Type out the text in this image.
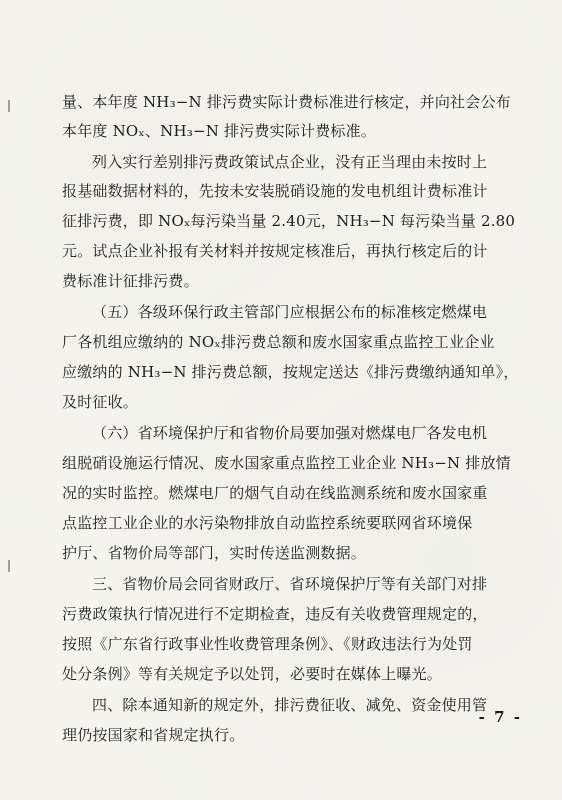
量、本年度 NH₃−N 排污费实际计费标准进行核定，并向社会公布
本年度 NOₓ、NH₃−N 排污费实际计费标准。
列入实行差别排污费政策试点企业，没有正当理由未按时上
报基础数据材料的，先按未安装脱硝设施的发电机组计费标准计
征排污费，即 NOₓ每污染当量 2.40元，NH₃−N 每污染当量 2.80
元。试点企业补报有关材料并按规定核准后，再执行核定后的计
费标准计征排污费。
（五）各级环保行政主管部门应根据公布的标准核定燃煤电
厂各机组应缴纳的 NOₓ排污费总额和废水国家重点监控工业企业
应缴纳的 NH₃−N 排污费总额，按规定送达《排污费缴纳通知单》，
及时征收。
（六）省环境保护厅和省物价局要加强对燃煤电厂各发电机
组脱硝设施运行情况、废水国家重点监控工业企业 NH₃−N 排放情
况的实时监控。燃煤电厂的烟气自动在线监测系统和废水国家重
点监控工业企业的水污染物排放自动监控系统要联网省环境保
护厅、省物价局等部门，实时传送监测数据。
三、省物价局会同省财政厅、省环境保护厅等有关部门对排
污费政策执行情况进行不定期检查，违反有关收费管理规定的，
按照《广东省行政事业性收费管理条例》、《财政违法行为处罚
处分条例》等有关规定予以处罚，必要时在媒体上曝光。
四、除本通知新的规定外，排污费征收、减免、资金使用管
理仍按国家和省规定执行。
- 7 -
